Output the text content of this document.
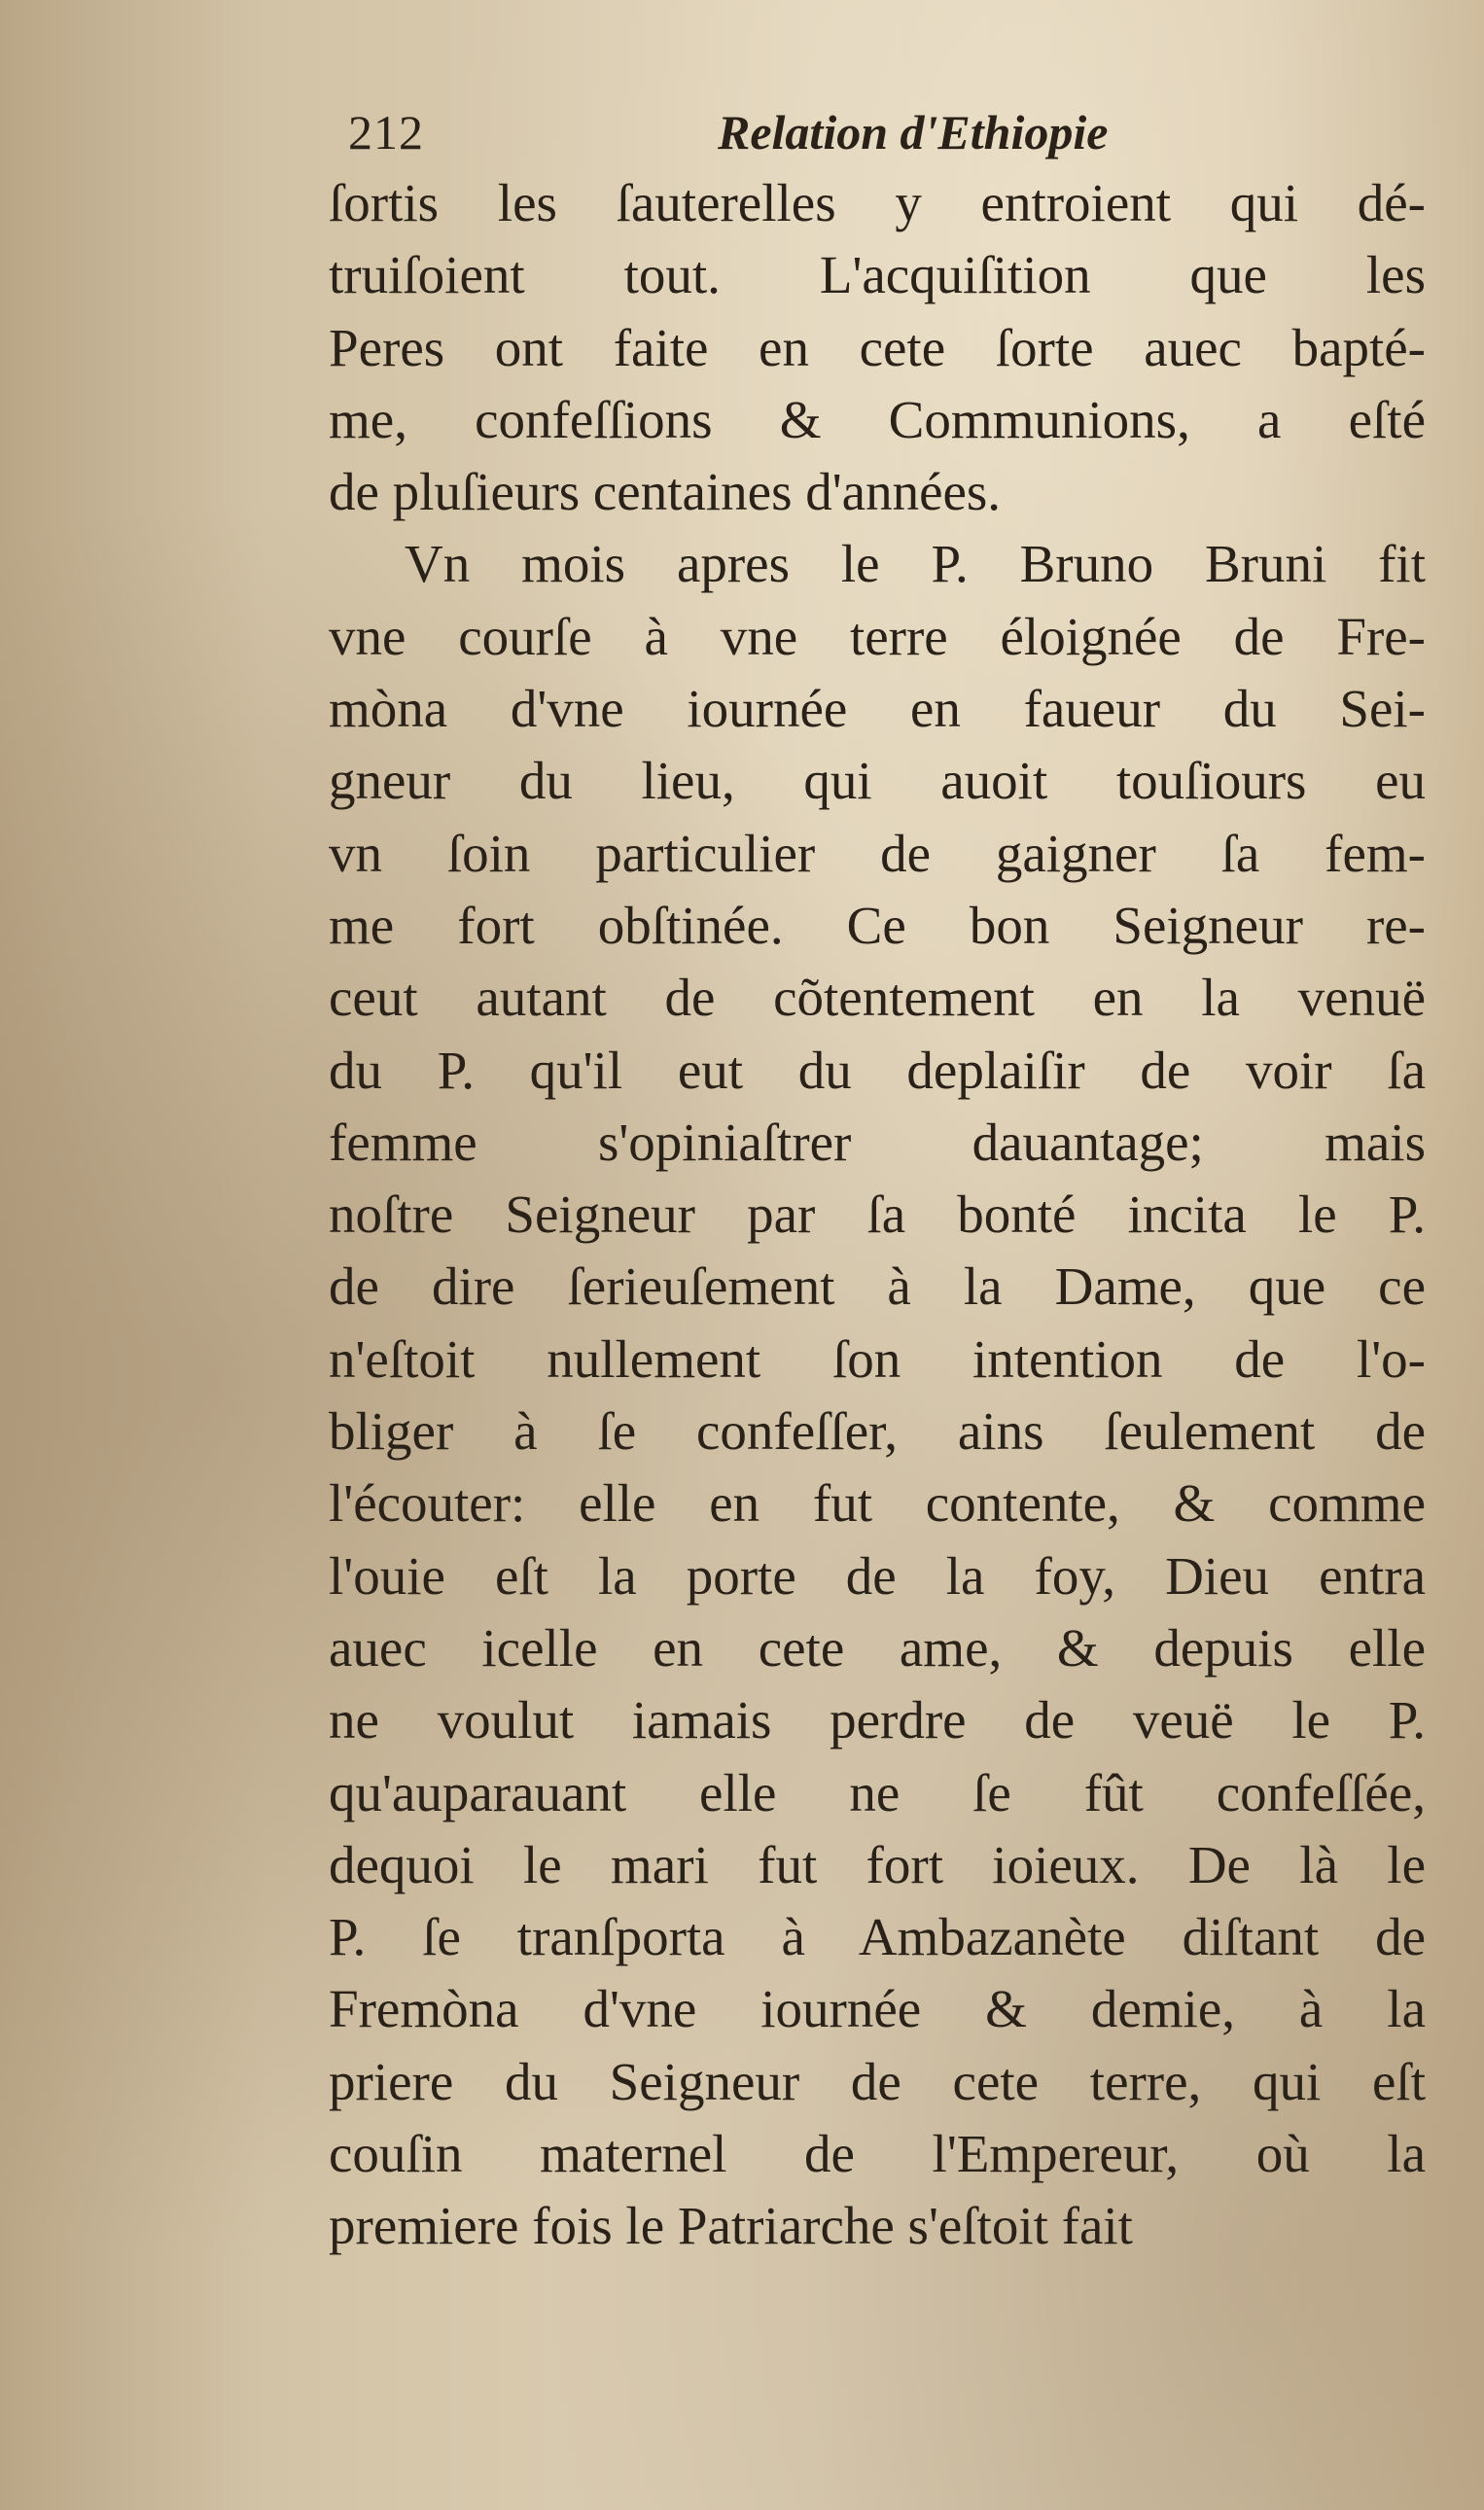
212	Relation d'Ethiopie
ſortis les ſauterelles y entroient qui dé-
truiſoient tout. L'acquiſition que les
Peres ont faite en cete ſorte auec bapté-
me, confeſſions & Communions, a eſté
de pluſieurs centaines d'années.
Vn mois apres le P. Bruno Bruni fit
vne courſe à vne terre éloignée de Fre-
mòna d'vne iournée en faueur du Sei-
gneur du lieu, qui auoit touſiours eu
vn ſoin particulier de gaigner ſa fem-
me fort obſtinée. Ce bon Seigneur re-
ceut autant de cõtentement en la venuë
du P. qu'il eut du deplaiſir de voir ſa
femme s'opiniaſtrer dauantage; mais
noſtre Seigneur par ſa bonté incita le P.
de dire ſerieuſement à la Dame, que ce
n'eſtoit nullement ſon intention de l'o-
bliger à ſe confeſſer, ains ſeulement de
l'écouter: elle en fut contente, & comme
l'ouie eſt la porte de la foy, Dieu entra
auec icelle en cete ame, & depuis elle
ne voulut iamais perdre de veuë le P.
qu'auparauant elle ne ſe fût confeſſée,
dequoi le mari fut fort ioieux. De là le
P. ſe tranſporta à Ambazanète diſtant de
Fremòna d'vne iournée & demie, à la
priere du Seigneur de cete terre, qui eſt
couſin maternel de l'Empereur, où la
premiere fois le Patriarche s'eſtoit fait
